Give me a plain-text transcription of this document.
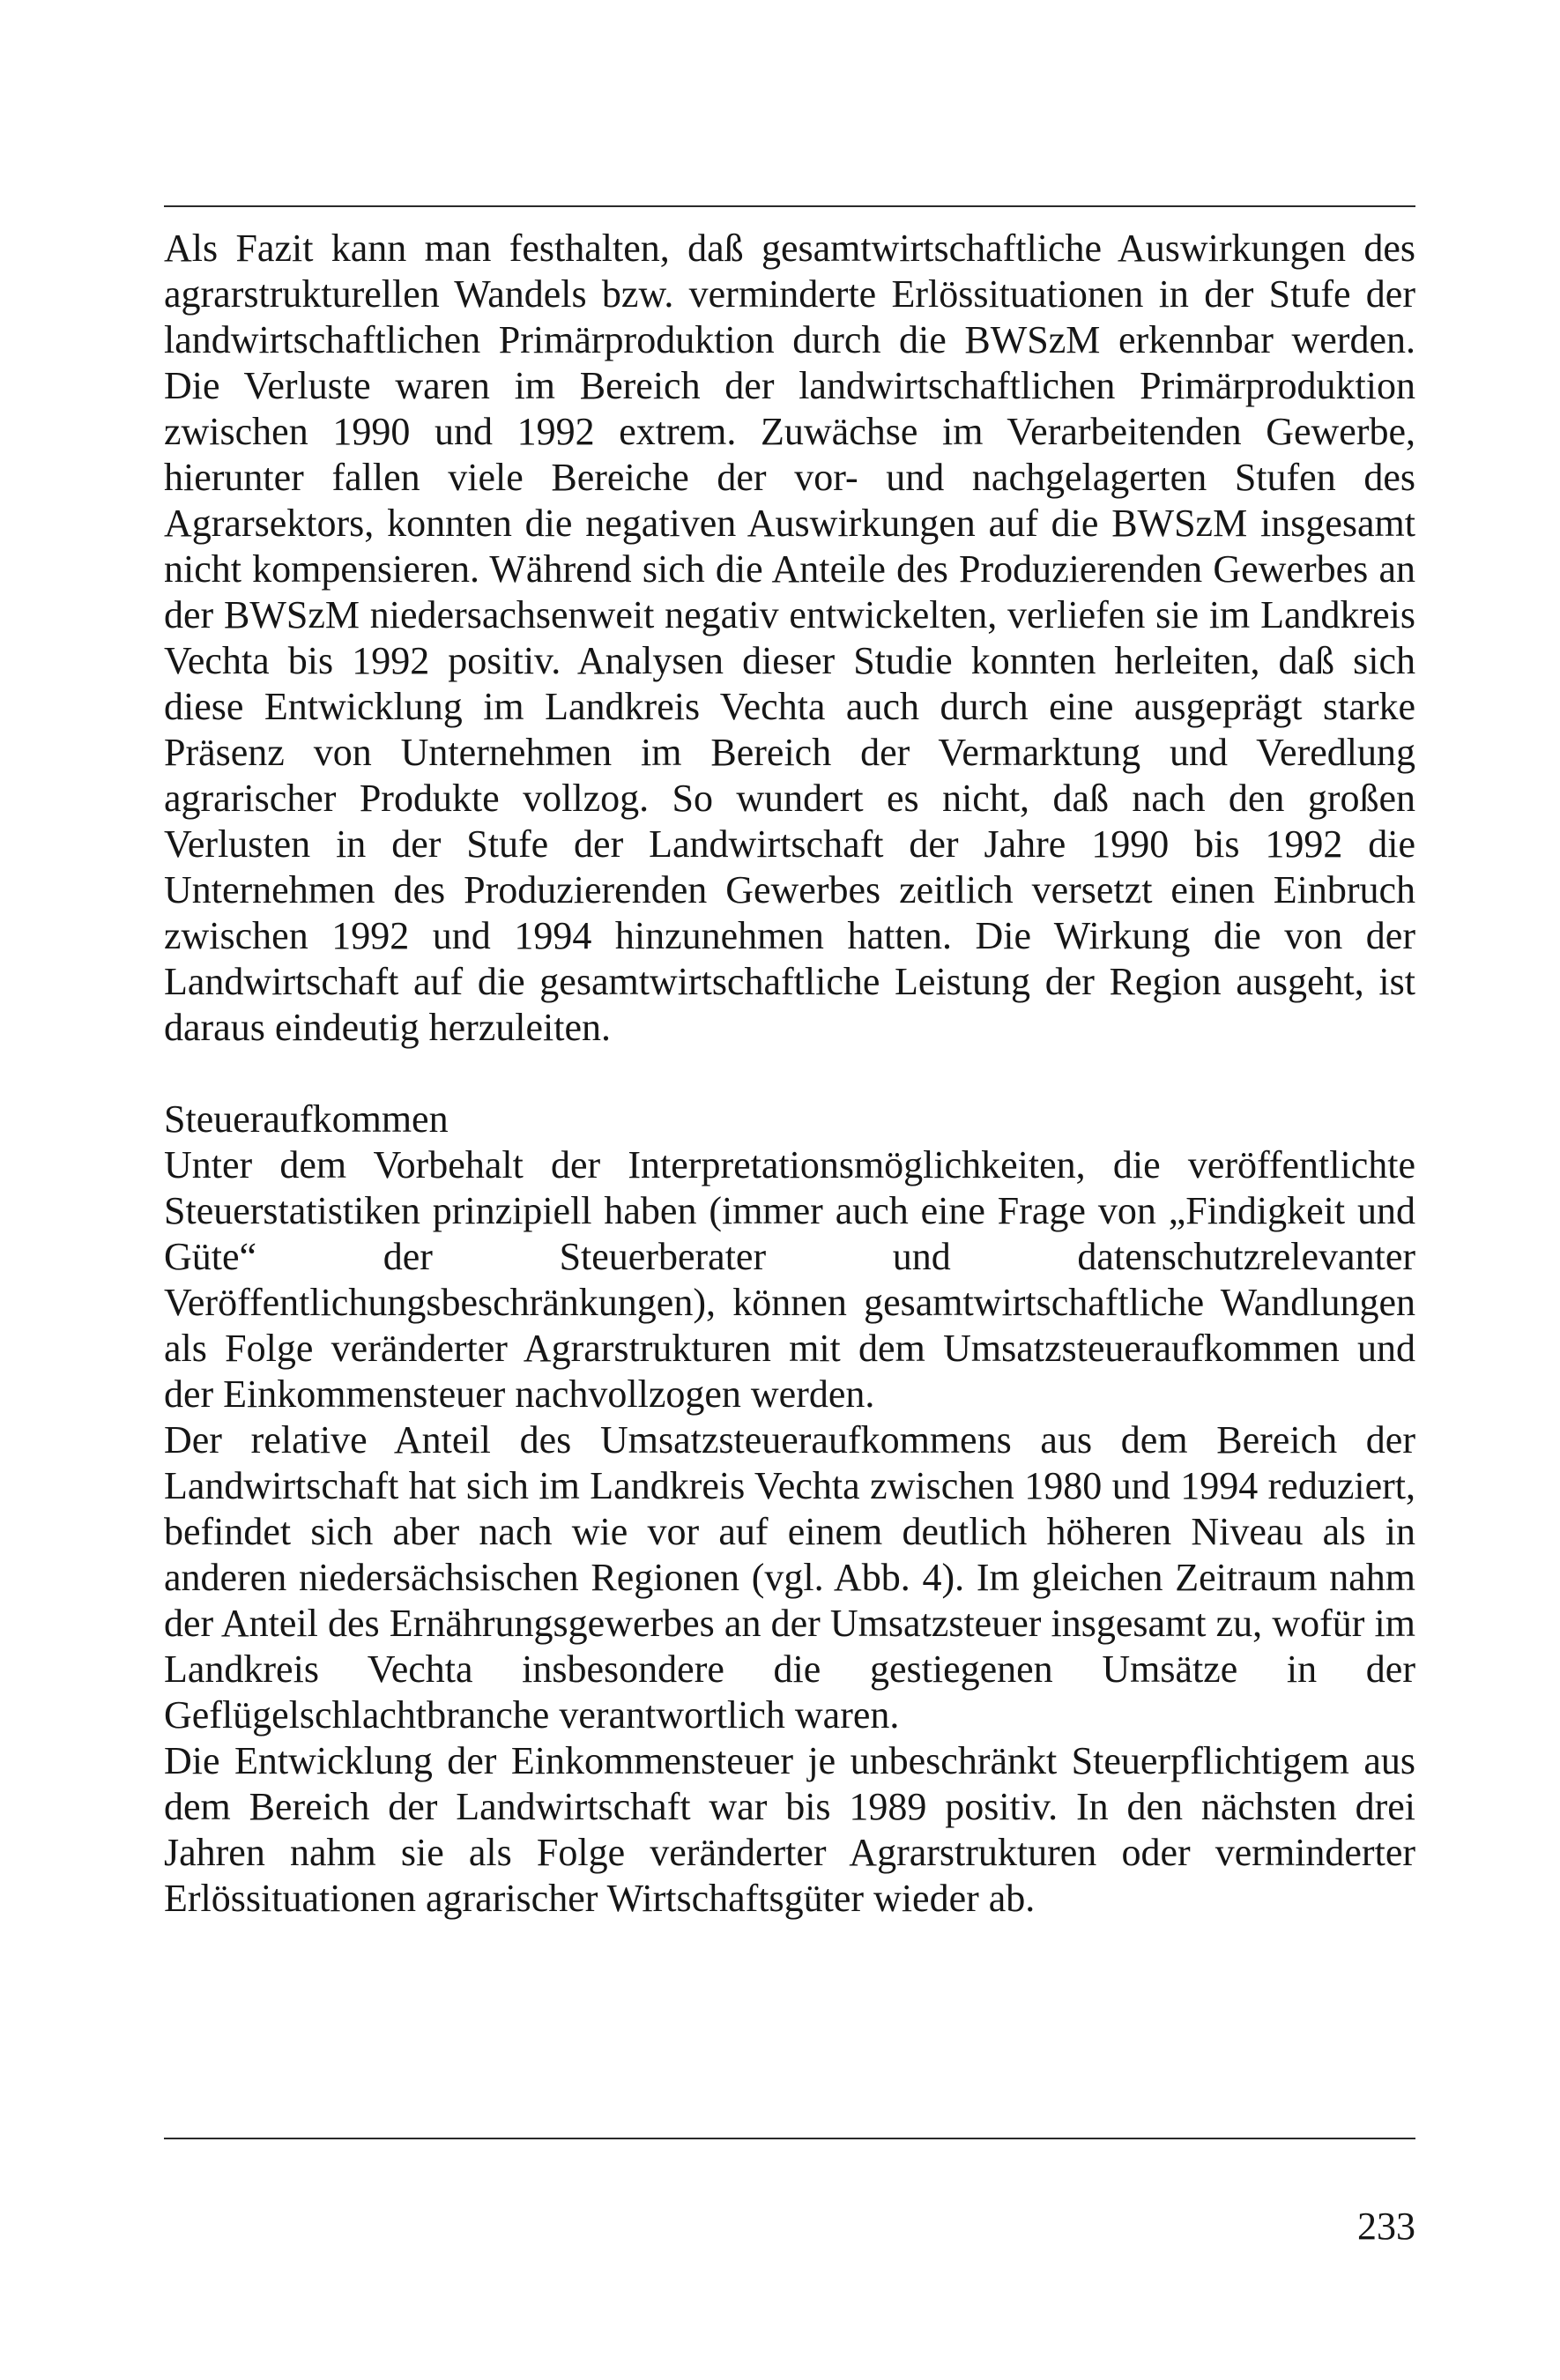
Als Fazit kann man festhalten, daß gesamtwirtschaftliche Auswirkungen des agrarstrukturellen Wandels bzw. verminderte Erlössituationen in der Stufe der landwirtschaftlichen Primärproduktion durch die BWSzM erkennbar werden. Die Verluste waren im Bereich der landwirtschaftlichen Primärproduktion zwischen 1990 und 1992 extrem. Zuwächse im Verarbeitenden Gewerbe, hierunter fallen viele Bereiche der vor- und nachgelagerten Stufen des Agrarsektors, konnten die negativen Auswirkungen auf die BWSzM insgesamt nicht kompensieren. Während sich die Anteile des Produzierenden Gewerbes an der BWSzM niedersachsenweit negativ entwickelten, verliefen sie im Landkreis Vechta bis 1992 positiv. Analysen dieser Studie konnten herleiten, daß sich diese Entwicklung im Landkreis Vechta auch durch eine ausgeprägt starke Präsenz von Unternehmen im Bereich der Vermarktung und Veredlung agrarischer Produkte vollzog. So wundert es nicht, daß nach den großen Verlusten in der Stufe der Landwirtschaft der Jahre 1990 bis 1992 die Unternehmen des Produzierenden Gewerbes zeitlich versetzt einen Einbruch zwischen 1992 und 1994 hinzunehmen hatten. Die Wirkung die von der Landwirtschaft auf die gesamtwirtschaftliche Leistung der Region ausgeht, ist daraus eindeutig herzuleiten.

Steueraufkommen

Unter dem Vorbehalt der Interpretationsmöglichkeiten, die veröffentlichte Steuerstatistiken prinzipiell haben (immer auch eine Frage von „Findigkeit und Güte“ der Steuerberater und datenschutzrelevanter Veröffentlichungsbeschränkungen), können gesamtwirtschaftliche Wandlungen als Folge veränderter Agrarstrukturen mit dem Umsatzsteueraufkommen und der Einkommensteuer nachvollzogen werden.

Der relative Anteil des Umsatzsteueraufkommens aus dem Bereich der Landwirtschaft hat sich im Landkreis Vechta zwischen 1980 und 1994 reduziert, befindet sich aber nach wie vor auf einem deutlich höheren Niveau als in anderen niedersächsischen Regionen (vgl. Abb. 4). Im gleichen Zeitraum nahm der Anteil des Ernährungsgewerbes an der Umsatzsteuer insgesamt zu, wofür im Landkreis Vechta insbesondere die gestiegenen Umsätze in der Geflügelschlachtbranche verantwortlich waren.

Die Entwicklung der Einkommensteuer je unbeschränkt Steuerpflichtigem aus dem Bereich der Landwirtschaft war bis 1989 positiv. In den nächsten drei Jahren nahm sie als Folge veränderter Agrarstrukturen oder verminderter Erlössituationen agrarischer Wirtschaftsgüter wieder ab.

233
